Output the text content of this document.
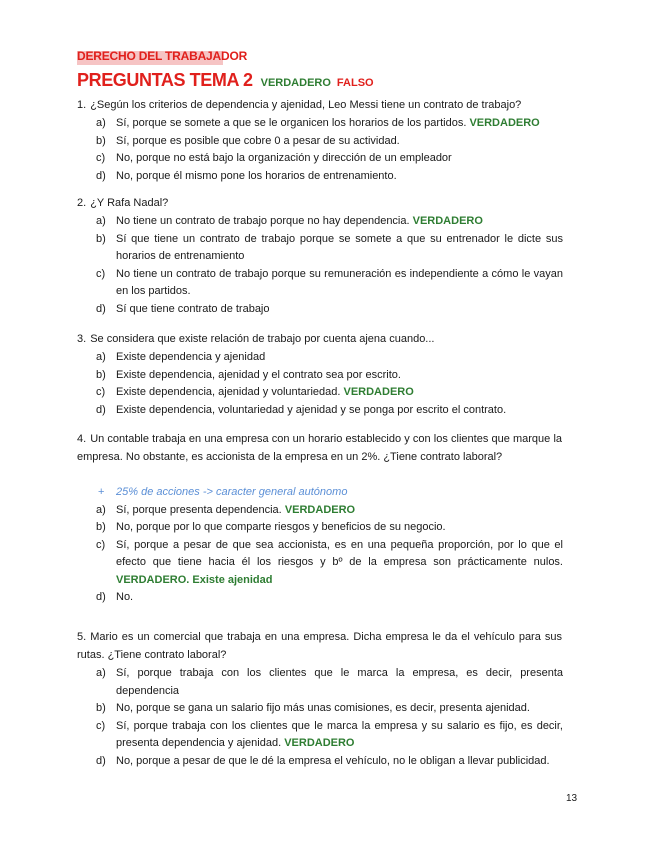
DERECHO DEL TRABAJADOR
PREGUNTAS TEMA 2 VERDADERO FALSO
1. ¿Según los criterios de dependencia y ajenidad, Leo Messi tiene un contrato de trabajo?
a) Sí, porque se somete a que se le organicen los horarios de los partidos. VERDADERO
b) Sí, porque es posible que cobre 0 a pesar de su actividad.
c) No, porque no está bajo la organización y dirección de un empleador
d) No, porque él mismo pone los horarios de entrenamiento.
2. ¿Y Rafa Nadal?
a) No tiene un contrato de trabajo porque no hay dependencia. VERDADERO
b) Sí que tiene un contrato de trabajo porque se somete a que su entrenador le dicte sus horarios de entrenamiento
c) No tiene un contrato de trabajo porque su remuneración es independiente a cómo le vayan en los partidos.
d) Sí que tiene contrato de trabajo
3. Se considera que existe relación de trabajo por cuenta ajena cuando...
a) Existe dependencia y ajenidad
b) Existe dependencia, ajenidad y el contrato sea por escrito.
c) Existe dependencia, ajenidad y voluntariedad. VERDADERO
d) Existe dependencia, voluntariedad y ajenidad y se ponga por escrito el contrato.
4. Un contable trabaja en una empresa con un horario establecido y con los clientes que marque la empresa. No obstante, es accionista de la empresa en un 2%. ¿Tiene contrato laboral?
+ 25% de acciones -> caracter general autónomo
a) Sí, porque presenta dependencia. VERDADERO
b) No, porque por lo que comparte riesgos y beneficios de su negocio.
c) Sí, porque a pesar de que sea accionista, es en una pequeña proporción, por lo que el efecto que tiene hacia él los riesgos y bº de la empresa son prácticamente nulos. VERDADERO. Existe ajenidad
d) No.
5. Mario es un comercial que trabaja en una empresa. Dicha empresa le da el vehículo para sus rutas. ¿Tiene contrato laboral?
a) Sí, porque trabaja con los clientes que le marca la empresa, es decir, presenta dependencia
b) No, porque se gana un salario fijo más unas comisiones, es decir, presenta ajenidad.
c) Sí, porque trabaja con los clientes que le marca la empresa y su salario es fijo, es decir, presenta dependencia y ajenidad. VERDADERO
d) No, porque a pesar de que le dé la empresa el vehículo, no le obligan a llevar publicidad.
13
